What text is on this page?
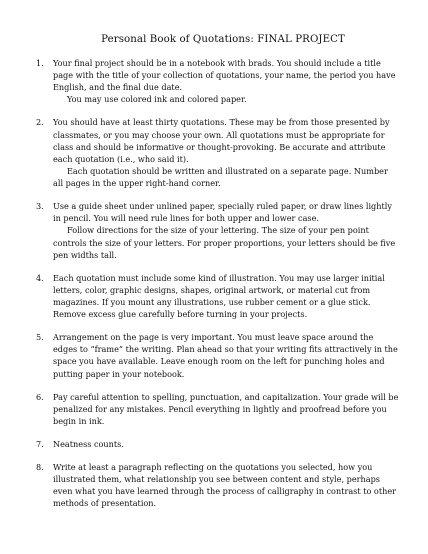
Personal Book of Quotations: FINAL PROJECT
1.	Your final project should be in a notebook with brads. You should include a title page with the title of your collection of quotations, your name, the period you have English, and the final due date.

You may use colored ink and colored paper.

2.	You should have at least thirty quotations. These may be from those presented by classmates, or you may choose your own. All quotations must be appropriate for class and should be informative or thought-provoking. Be accurate and attribute each quotation (i.e., who said it).

Each quotation should be written and illustrated on a separate page. Number all pages in the upper right-hand corner.

3.	Use a guide sheet under unlined paper, specially ruled paper, or draw lines lightly in pencil. You will need rule lines for both upper and lower case.

Follow directions for the size of your lettering. The size of your pen point controls the size of your letters. For proper proportions, your letters should be five pen widths tall.

4.	Each quotation must include some kind of illustration. You may use larger initial letters, color, graphic designs, shapes, original artwork, or material cut from magazines. If you mount any illustrations, use rubber cement or a glue stick. Remove excess glue carefully before turning in your projects.

5.	Arrangement on the page is very important. You must leave space around the edges to “frame” the writing. Plan ahead so that your writing fits attractively in the space you have available. Leave enough room on the left for punching holes and putting paper in your notebook.

6.	Pay careful attention to spelling, punctuation, and capitalization. Your grade will be penalized for any mistakes. Pencil everything in lightly and proofread before you begin in ink.

7.	Neatness counts.

8.	Write at least a paragraph reflecting on the quotations you selected, how you illustrated them, what relationship you see between content and style, perhaps even what you have learned through the process of calligraphy in contrast to other methods of presentation.
